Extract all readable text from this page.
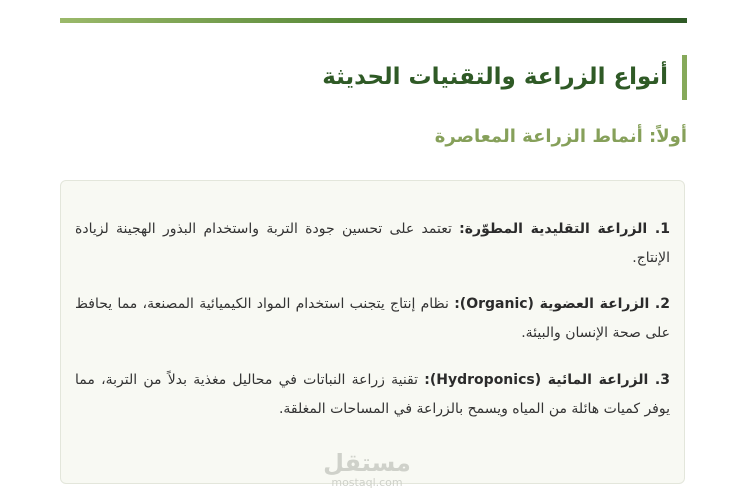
أنواع الزراعة والتقنيات الحديثة
أولاً: أنماط الزراعة المعاصرة

1. الزراعة التقليدية المطوّرة: تعتمد على تحسين جودة التربة واستخدام البذور الهجينة لزيادة الإنتاج.

2. الزراعة العضوية (Organic): نظام إنتاج يتجنب استخدام المواد الكيميائية المصنعة، مما يحافظ على صحة الإنسان والبيئة.

3. الزراعة المائية (Hydroponics): تقنية زراعة النباتات في محاليل مغذية بدلاً من التربة، مما يوفر كميات هائلة من المياه ويسمح بالزراعة في المساحات المغلقة.

مستقل
mostaql.com
